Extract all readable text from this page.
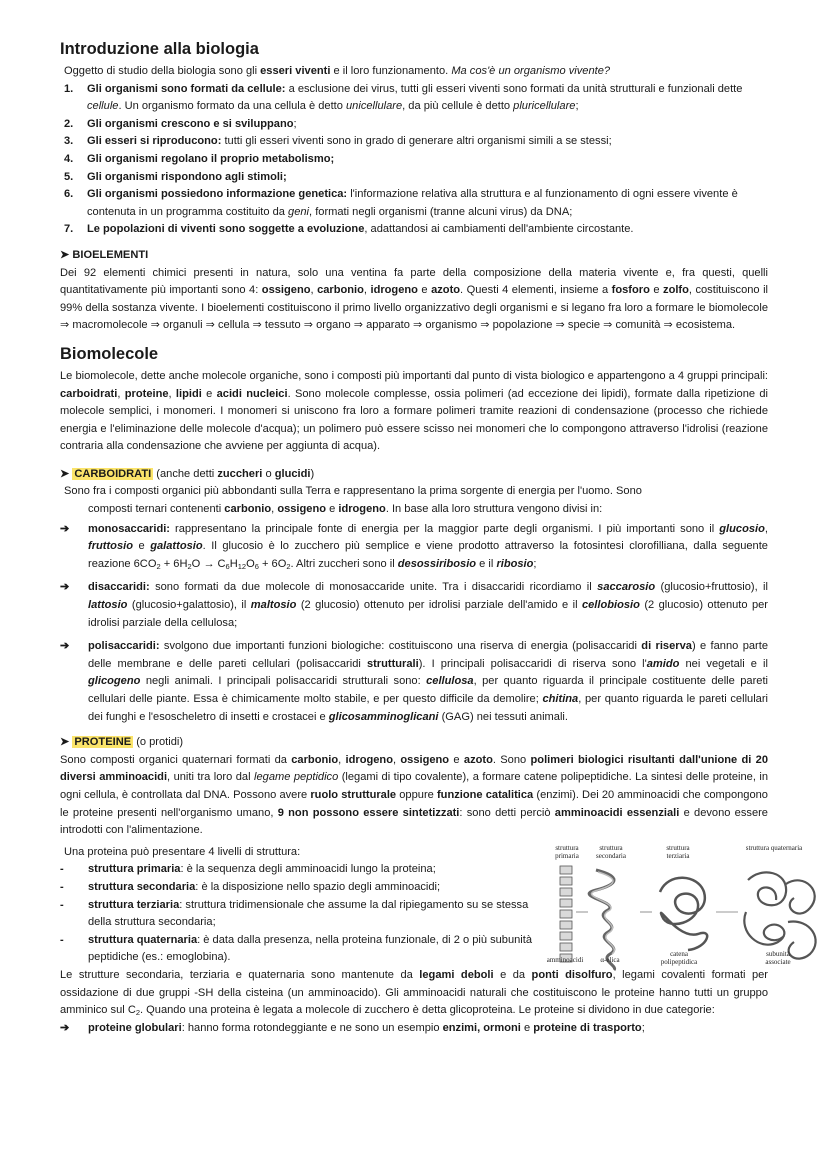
Introduzione alla biologia

Oggetto di studio della biologia sono gli esseri viventi e il loro funzionamento. Ma cos'è un organismo vivente?

1.	Gli organismi sono formati da cellule: a esclusione dei virus, tutti gli esseri viventi sono formati da unità strutturali e funzionali dette cellule. Un organismo formato da una cellula è detto unicellulare, da più cellule è detto pluricellulare;
2.	Gli organismi crescono e si sviluppano;
3.	Gli esseri si riproducono: tutti gli esseri viventi sono in grado di generare altri organismi simili a se stessi;
4.	Gli organismi regolano il proprio metabolismo;
5.	Gli organismi rispondono agli stimoli;
6.	Gli organismi possiedono informazione genetica: l'informazione relativa alla struttura e al funzionamento di ogni essere vivente è contenuta in un programma costituito da geni, formati negli organismi (tranne alcuni virus) da DNA;
7.	Le popolazioni di viventi sono soggette a evoluzione, adattandosi ai cambiamenti dell'ambiente circostante.
➤ BIOELEMENTI

Dei 92 elementi chimici presenti in natura, solo una ventina fa parte della composizione della materia vivente e, fra questi, quelli quantitativamente più importanti sono 4: ossigeno, carbonio, idrogeno e azoto. Questi 4 elementi, insieme a fosforo e zolfo, costituiscono il 99% della sostanza vivente. I bioelementi costituiscono il primo livello organizzativo degli organismi e si legano fra loro a formare le biomolecole ⇒ macromolecole ⇒ organuli ⇒ cellula ⇒ tessuto ⇒ organo ⇒ apparato ⇒ organismo ⇒ popolazione ⇒ specie ⇒ comunità ⇒ ecosistema.

Biomolecole

Le biomolecole, dette anche molecole organiche, sono i composti più importanti dal punto di vista biologico e appartengono a 4 gruppi principali: carboidrati, proteine, lipidi e acidi nucleici. Sono molecole complesse, ossia polimeri (ad eccezione dei lipidi), formate dalla ripetizione di molecole semplici, i monomeri. I monomeri si uniscono fra loro a formare polimeri tramite reazioni di condensazione (processo che richiede energia e l'eliminazione delle molecole d'acqua); un polimero può essere scisso nei monomeri che lo compongono attraverso l'idrolisi (reazione contraria alla condensazione che avviene per aggiunta di acqua).

➤ CARBOIDRATI (anche detti zuccheri o glucidi)

Sono fra i composti organici più abbondanti sulla Terra e rappresentano la prima sorgente di energia per l'uomo. Sono

composti ternari contenenti carbonio, ossigeno e idrogeno. In base alla loro struttura vengono divisi in:

➔	monosaccaridi: rappresentano la principale fonte di energia per la maggior parte degli organismi. I più importanti sono il glucosio, fruttosio e galattosio. Il glucosio è lo zucchero più semplice e viene prodotto attraverso la fotosintesi clorofilliana, dalla seguente reazione $6CO_2 + 6H_2O \to C_6H_{12}O_6 + 6O_2$. Altri zuccheri sono il desossiribosio e il ribosio;
➔	disaccaridi: sono formati da due molecole di monosaccaride unite. Tra i disaccaridi ricordiamo il saccarosio (glucosio+fruttosio), il lattosio (glucosio+galattosio), il maltosio (2 glucosio) ottenuto per idrolisi parziale dell'amido e il cellobiosio (2 glucosio) ottenuto per idrolisi parziale della cellulosa;
➔	polisaccaridi: svolgono due importanti funzioni biologiche: costituiscono una riserva di energia (polisaccaridi di riserva) e fanno parte delle membrane e delle pareti cellulari (polisaccaridi strutturali). I principali polisaccaridi di riserva sono l'amido nei vegetali e il glicogeno negli animali. I principali polisaccaridi strutturali sono: cellulosa, per quanto riguarda il principale costituente delle pareti cellulari delle piante. Essa è chimicamente molto stabile, e per questo difficile da demolire; chitina, per quanto riguarda le pareti cellulari dei funghi e l'esoscheletro di insetti e crostacei e glicosamminoglicani (GAG) nei tessuti animali.
➤ PROTEINE (o protidi)

Sono composti organici quaternari formati da carbonio, idrogeno, ossigeno e azoto. Sono polimeri biologici risultanti dall'unione di 20 diversi amminoacidi, uniti tra loro dal legame peptidico (legami di tipo covalente), a formare catene polipeptidiche. La sintesi delle proteine, in ogni cellula, è controllata dal DNA. Possono avere ruolo strutturale oppure funzione catalitica (enzimi). Dei 20 amminoacidi che compongono le proteine presenti nell'organismo umano, 9 non possono essere sintetizzati: sono detti perciò amminoacidi essenziali e devono essere introdotti con l'alimentazione.

Una proteina può presentare 4 livelli di struttura:

-	struttura primaria: è la sequenza degli amminoacidi lungo la proteina;
-	struttura secondaria: è la disposizione nello spazio degli amminoacidi;
-	struttura terziaria: struttura tridimensionale che assume la dal ripiegamento su se stessa della struttura secondaria;
-	struttura quaternaria: è data dalla presenza, nella proteina funzionale, di 2 o più subunità peptidiche (es.: emoglobina).
struttura primaria
struttura secondaria
struttura terziaria
struttura quaternaria
amminoacidi	α-elica
catena polipeptidica
subunità associate

Le strutture secondaria, terziaria e quaternaria sono mantenute da legami deboli e da ponti disolfuro, legami covalenti formati per ossidazione di due gruppi -SH della cisteina (un amminoacido). Gli amminoacidi naturali che costituiscono le proteine hanno tutti un gruppo amminico sul $C_2$. Quando una proteina è legata a molecole di zucchero è detta glicoproteina. Le proteine si dividono in due categorie:

➔	proteine globulari: hanno forma rotondeggiante e ne sono un esempio enzimi, ormoni e proteine di trasporto;
